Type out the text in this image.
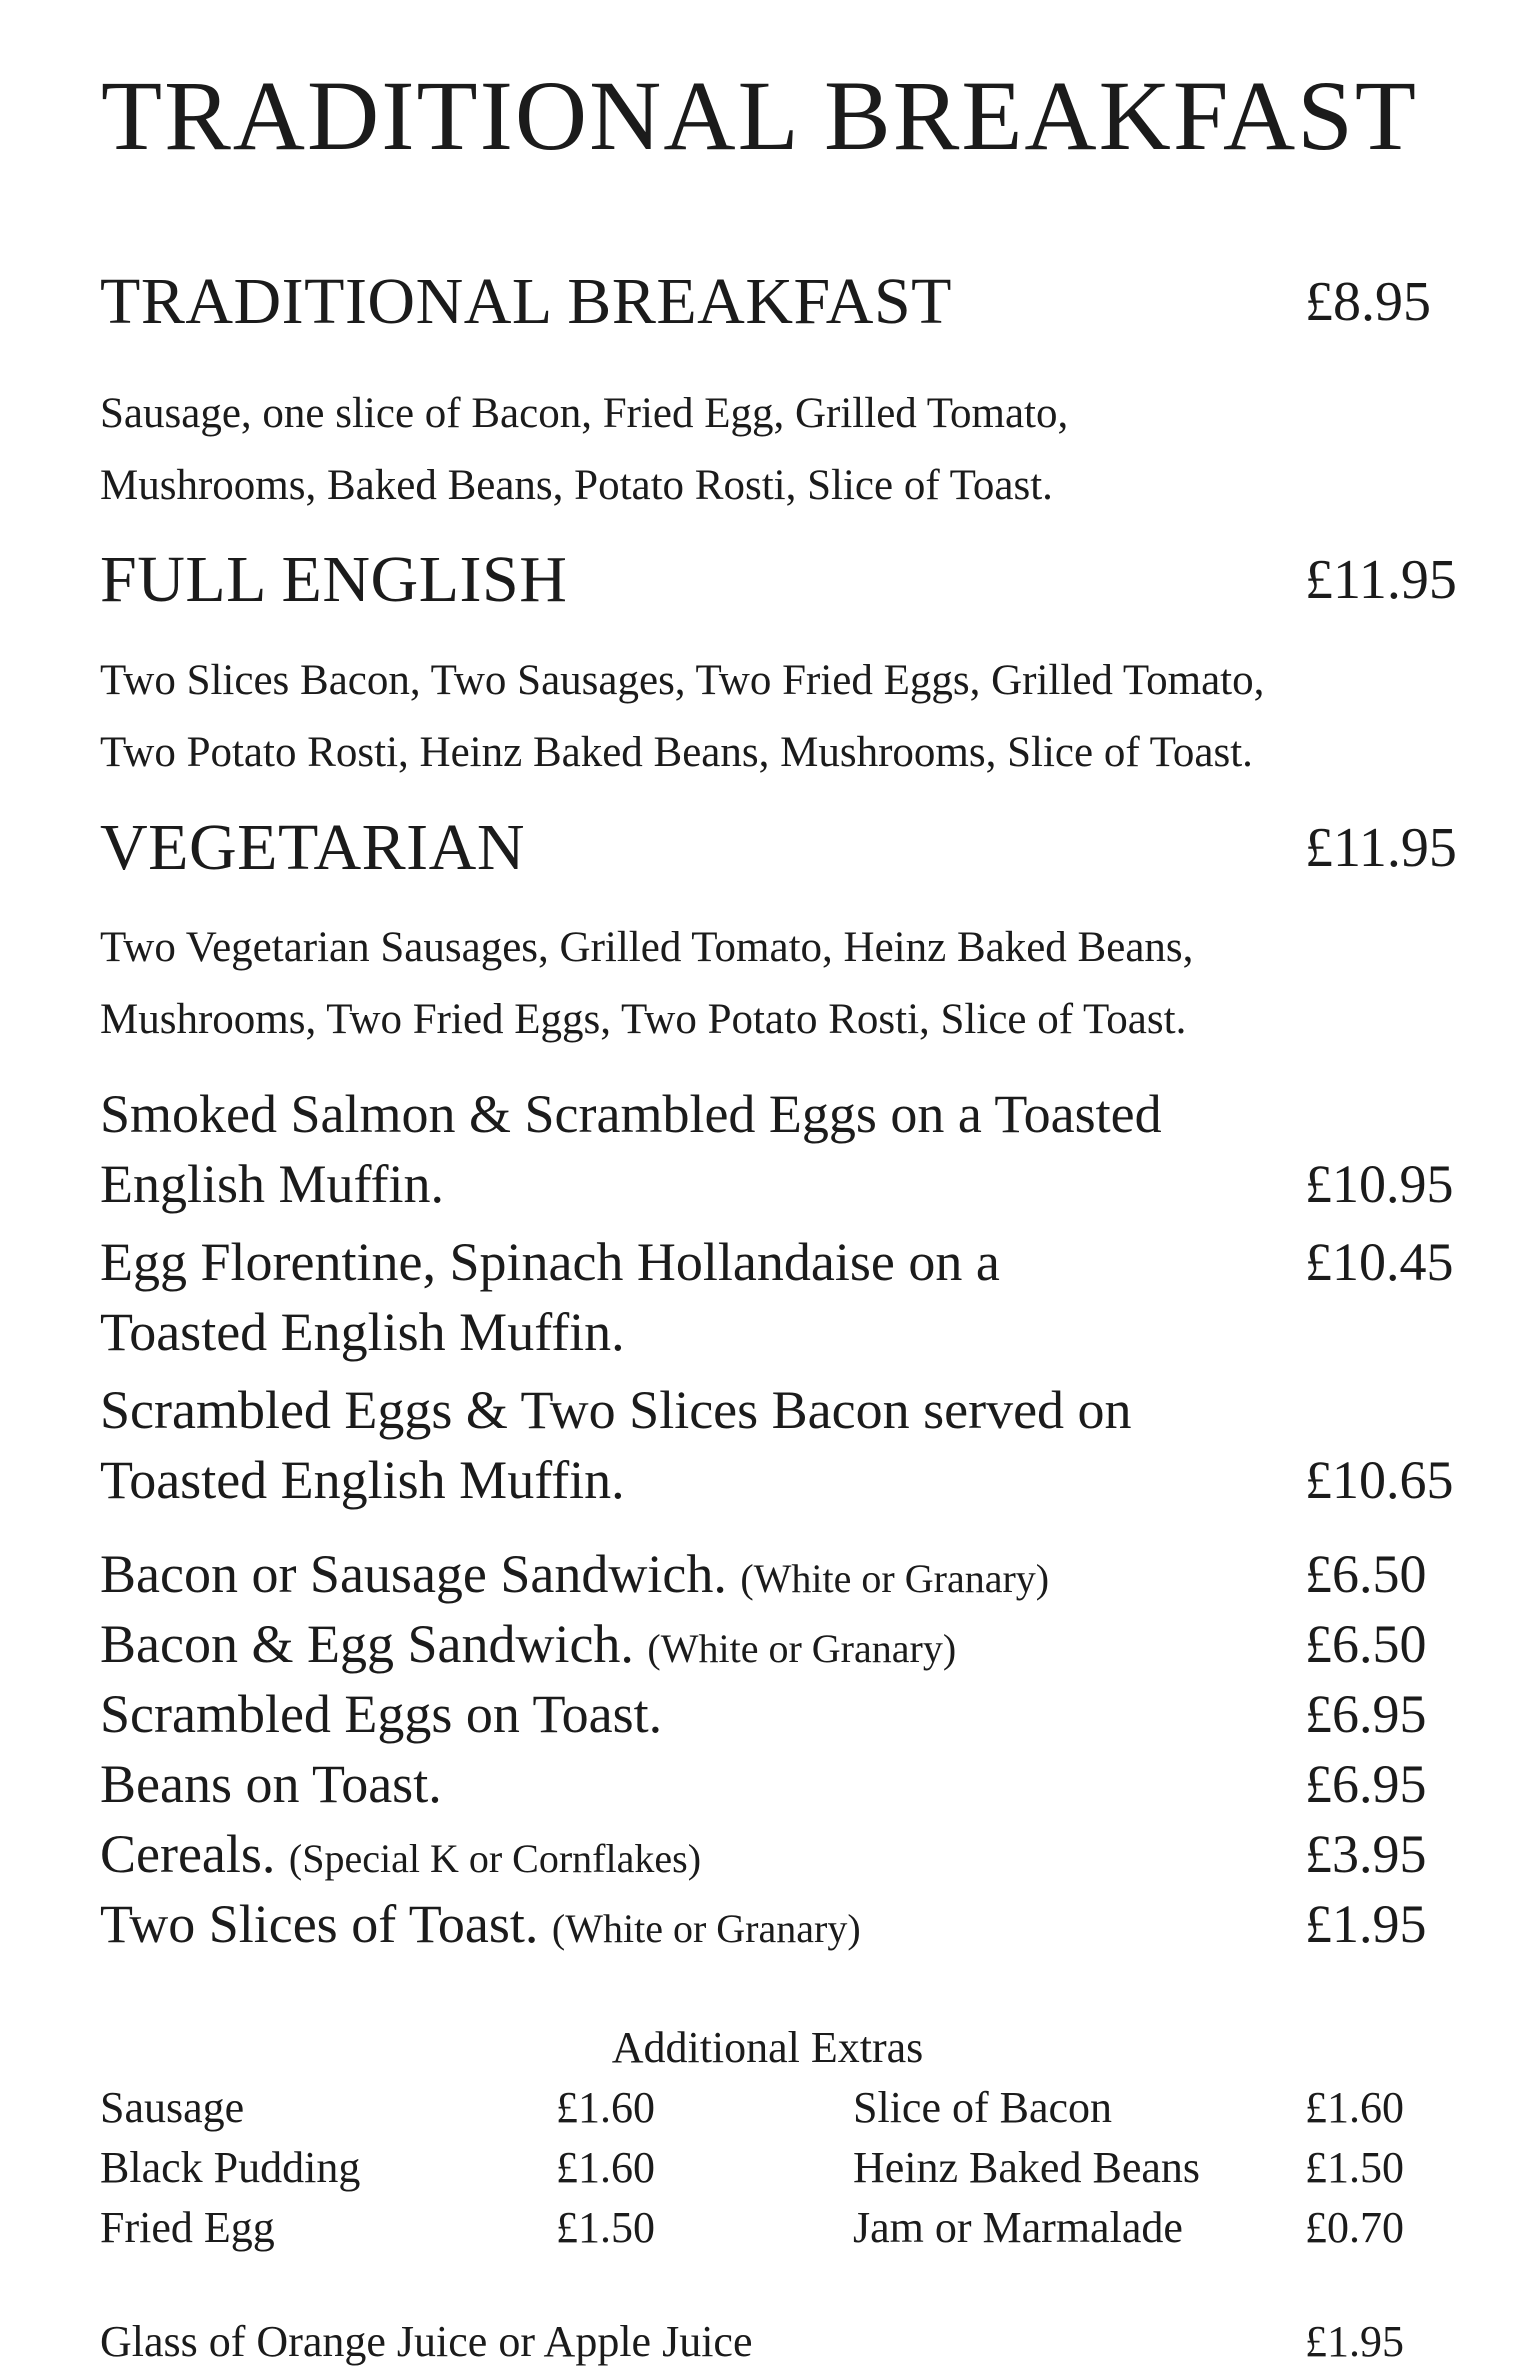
TRADITIONAL BREAKFAST
TRADITIONAL BREAKFAST	£8.95
Sausage, one slice of Bacon, Fried Egg, Grilled Tomato,
Mushrooms, Baked Beans, Potato Rosti, Slice of Toast.
FULL ENGLISH	£11.95
Two Slices Bacon, Two Sausages, Two Fried Eggs, Grilled Tomato,
Two Potato Rosti, Heinz Baked Beans, Mushrooms, Slice of Toast.
VEGETARIAN	£11.95
Two Vegetarian Sausages, Grilled Tomato, Heinz Baked Beans,
Mushrooms, Two Fried Eggs, Two Potato Rosti, Slice of Toast.
Smoked Salmon & Scrambled Eggs on a Toasted
English Muffin.	£10.95
Egg Florentine, Spinach Hollandaise on a	£10.45
Toasted English Muffin.
Scrambled Eggs & Two Slices Bacon served on
Toasted English Muffin.	£10.65
Bacon or Sausage Sandwich. (White or Granary)	£6.50
Bacon & Egg Sandwich. (White or Granary)	£6.50
Scrambled Eggs on Toast.	£6.95
Beans on Toast.	£6.95
Cereals. (Special K or Cornflakes)	£3.95
Two Slices of Toast. (White or Granary)	£1.95
Additional Extras
Sausage	£1.60	Slice of Bacon	£1.60
Black Pudding	£1.60	Heinz Baked Beans £1.50
Fried Egg	£1.50	Jam or Marmalade	£0.70
Glass of Orange Juice or Apple Juice	£1.95
